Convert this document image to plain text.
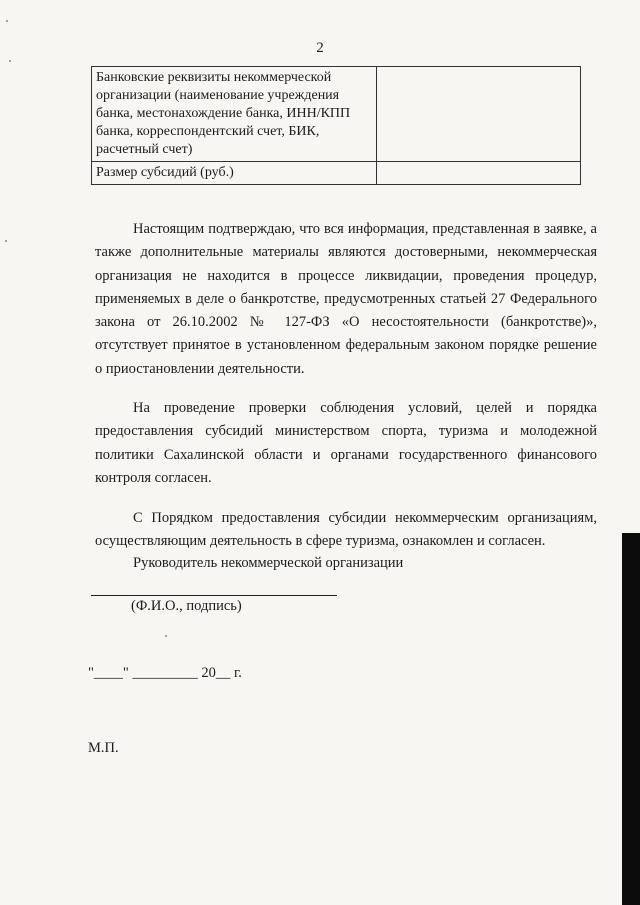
2
Банковские реквизиты некоммерческой организации (наименование учреждения банка, местонахождение банка, ИНН/КПП банка, корреспондентский счет, БИК, расчетный счет)	
Размер субсидий (руб.)	

Настоящим подтверждаю, что вся информация, представленная в заявке, а также дополнительные материалы являются достоверными, некоммерческая организация не находится в процессе ликвидации, проведения процедур, применяемых в деле о банкротстве, предусмотренных статьей 27 Федерального закона от 26.10.2002 № 127-ФЗ «О несостоятельности (банкротстве)», отсутствует принятое в установленном федеральным законом порядке решение о приостановлении деятельности.

На проведение проверки соблюдения условий, целей и порядка предоставления субсидий министерством спорта, туризма и молодежной политики Сахалинской области и органами государственного финансового контроля согласен.

С Порядком предоставления субсидии некоммерческим организациям, осуществляющим деятельность в сфере туризма, ознакомлен и согласен.

Руководитель некоммерческой организации
(Ф.И.О., подпись)
"____" _________ 20__ г.
М.П.
